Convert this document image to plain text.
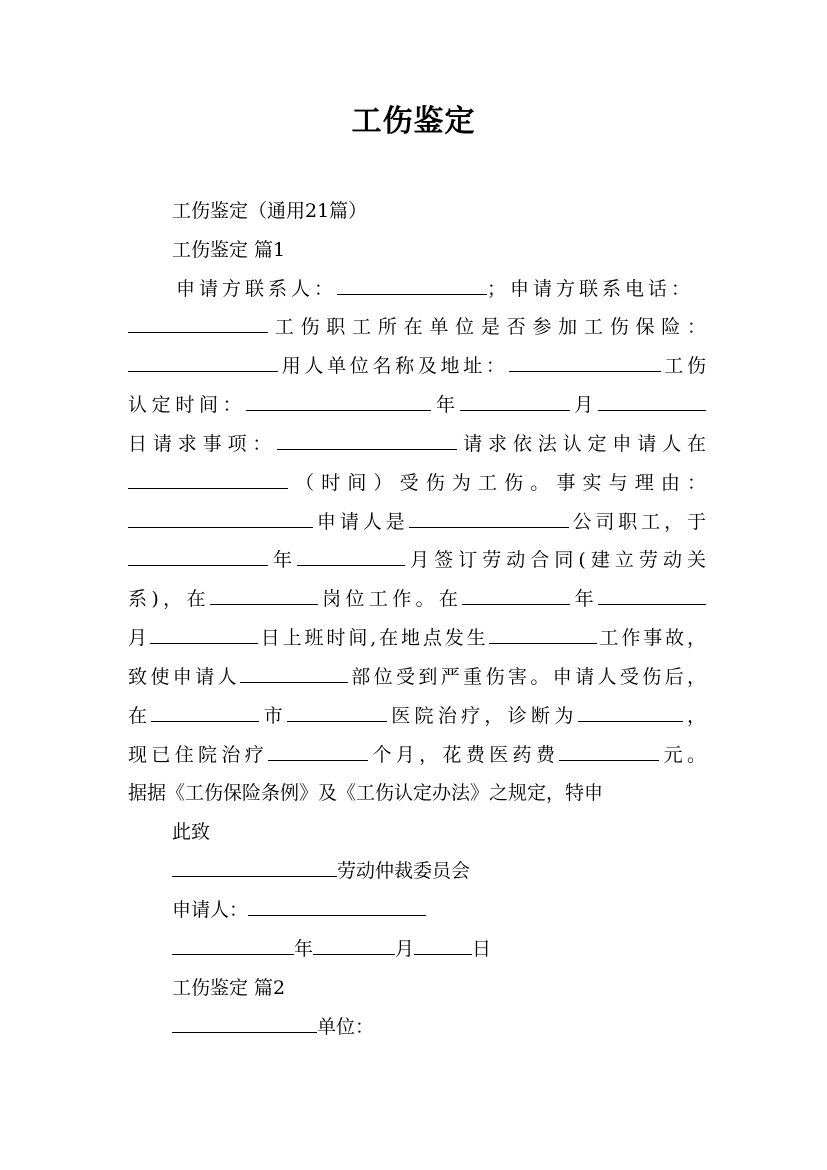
工伤鉴定
工伤鉴定（通用21篇）
工伤鉴定 篇1
申请方联系人：	；申请方联系电话：
工伤职工所在单位是否参加工伤保险：
用人单位名称及地址：	工伤
认定时间：	年	月
日请求事项：	请求依法认定申请人在
（时间）受伤为工伤。事实与理由：
申请人是	公司职工，于
年	月签订劳动合同(建立劳动关
系)，在	岗位工作。在	年
月	日上班时间,在地点发生	工作事故，
致使申请人	部位受到严重伤害。申请人受伤后，
在	市	医院治疗，诊断为	，
现已住院治疗	个月，花费医药费	元。
据据《工伤保险条例》及《工伤认定办法》之规定，特申
此致
劳动仲裁委员会
申请人：
年	月	日
工伤鉴定 篇2
单位：
